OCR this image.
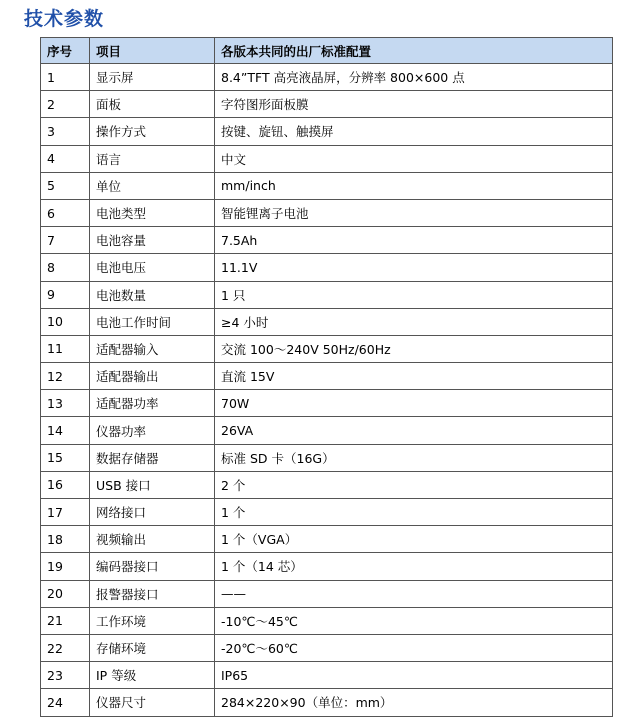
技术参数
序号	项目	各版本共同的出厂标准配置
1	显示屏	8.4”TFT 高亮液晶屏，分辨率 800×600 点
2	面板	字符图形面板膜
3	操作方式	按键、旋钮、触摸屏
4	语言	中文
5	单位	mm/inch
6	电池类型	智能锂离子电池
7	电池容量	7.5Ah
8	电池电压	11.1V
9	电池数量	1 只
10	电池工作时间	≥4 小时
11	适配器输入	交流 100～240V 50Hz/60Hz
12	适配器输出	直流 15V
13	适配器功率	70W
14	仪器功率	26VA
15	数据存储器	标准 SD 卡（16G）
16	USB 接口	2 个
17	网络接口	1 个
18	视频输出	1 个（VGA）
19	编码器接口	1 个（14 芯）
20	报警器接口	——
21	工作环境	-10℃～45℃
22	存储环境	-20℃～60℃
23	IP 等级	IP65
24	仪器尺寸	284×220×90（单位：mm）
